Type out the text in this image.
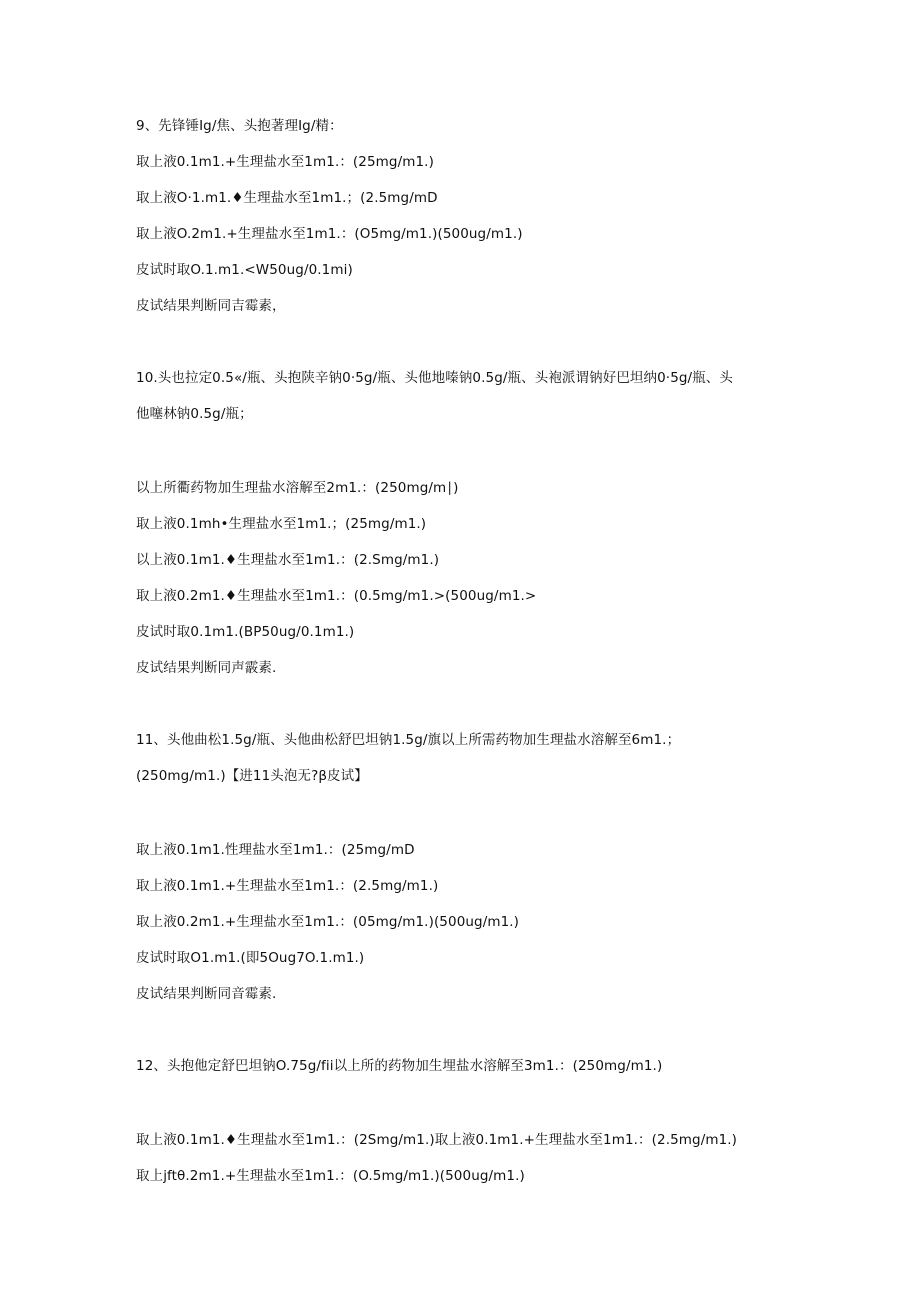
9、先锋锤Ig/焦、头抱著理Ig/精：
取上液0.1m1.+生理盐水至1m1.：(25mg/m1.)
取上液O·1.m1.♦生理盐水至1m1.；(2.5mg/mD
取上液O.2m1.+生理盐水至1m1.：(O5mg/m1.)(500ug/m1.)
皮试时取O.1.m1.<W50ug/0.1mi)
皮试结果判断同吉霉素，
10.头也拉定0.5«/瓶、头抱陕辛钠0·5g/瓶、头他地嗪钠0.5g/瓶、头袍派谓钠好巴坦纳0·5g/瓶、头
他噻林钠0.5g/瓶；
以上所衢药物加生理盐水溶解至2m1.：(250mg/m∣)
取上液0.1mh•生理盐水至1m1.；(25mg/m1.)
以上液0.1m1.♦生理盐水至1m1.：(2.Smg/m1.)
取上液0.2m1.♦生理盐水至1m1.：(0.5mg/m1.>(500ug/m1.>
皮试时取0.1m1.(BP50ug/0.1m1.)
皮试结果判断同声霰素.
11、头他曲松1.5g/瓶、头他曲松舒巴坦钠1.5g/旗以上所需药物加生理盐水溶解至6m1.；
(250mg/m1.)【进11头泡无?β皮试】
取上液0.1m1.性理盐水至1m1.：(25mg/mD
取上液0.1m1.+生理盐水至1m1.：(2.5mg/m1.)
取上液0.2m1.+生理盐水至1m1.：(05mg/m1.)(500ug/m1.)
皮试时取O1.m1.(即5Oug7O.1.m1.)
皮试结果判断同音霉素.
12、头抱他定舒巴坦钠O.75g/fii以上所的药物加生埋盐水溶解至3m1.：(250mg/m1.)
取上液0.1m1.♦生理盐水至1m1.：(2Smg/m1.)取上液0.1m1.+生理盐水至1m1.：(2.5mg/m1.)
取上jftθ.2m1.+生理盐水至1m1.：(O.5mg/m1.)(500ug/m1.)
